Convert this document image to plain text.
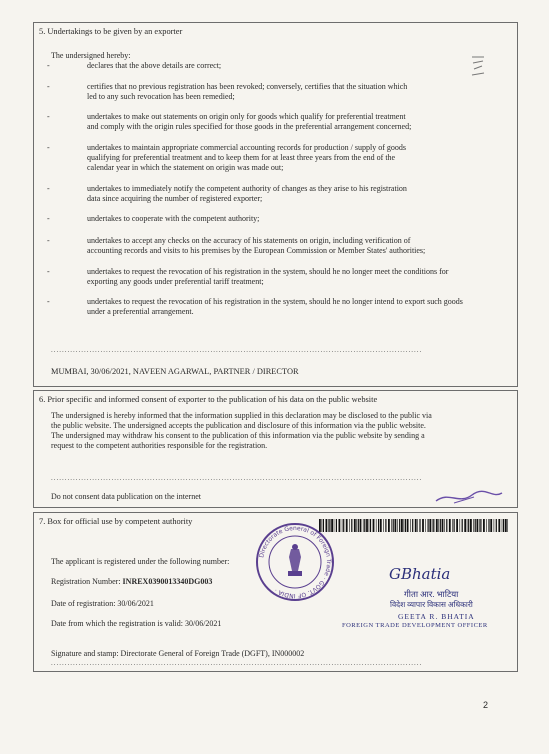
5. Undertakings to be given by an exporter
The undersigned hereby:
-	declares that the above details are correct;
-	certifies that no previous registration has been revoked; conversely, certifies that the situation which
led to any such revocation has been remedied;
-	undertakes to make out statements on origin only for goods which qualify for preferential treatment
and comply with the origin rules specified for those goods in the preferential arrangement concerned;
-	undertakes to maintain appropriate commercial accounting records for production / supply of goods
qualifying for preferential treatment and to keep them for at least three years from the end of the
calendar year in which the statement on origin was made out;
-	undertakes to immediately notify the competent authority of changes as they arise to his registration
data since acquiring the number of registered exporter;
-	undertakes to cooperate with the competent authority;
-	undertakes to accept any checks on the accuracy of his statements on origin, including verification of
accounting records and visits to his premises by the European Commission or Member States' authorities;
-	undertakes to request the revocation of his registration in the system, should he no longer meet the conditions for
exporting any goods under preferential tariff treatment;
-	undertakes to request the revocation of his registration in the system, should he no longer intend to export such goods
under a preferential arrangement.
.......................................................................................................................................
MUMBAI, 30/06/2021, NAVEEN AGARWAL, PARTNER / DIRECTOR
6. Prior specific and informed consent of exporter to the publication of his data on the public website
The undersigned is hereby informed that the information supplied in this declaration may be disclosed to the public via
the public website. The undersigned accepts the publication and disclosure of this information via the public website.
The undersigned may withdraw his consent to the publication of this information via the public website by sending a
request to the competent authorities responsible for the registration.
.......................................................................................................................................
Do not consent data publication on the internet
7. Box for official use by competent authority
The applicant is registered under the following number:
Registration Number: INREX0390013340DG003
Date of registration: 30/06/2021
Date from which the registration is valid: 30/06/2021
Signature and stamp: Directorate General of Foreign Trade (DGFT), IN000002
.......................................................................................................................................
Directorate General of Foreign Trade · GOVT. OF INDIA ·
GBhatia
गीता आर. भाटिया
विदेश व्यापार विकास अधिकारी
GEETA R. BHATIA
FOREIGN TRADE DEVELOPMENT OFFICER
2
